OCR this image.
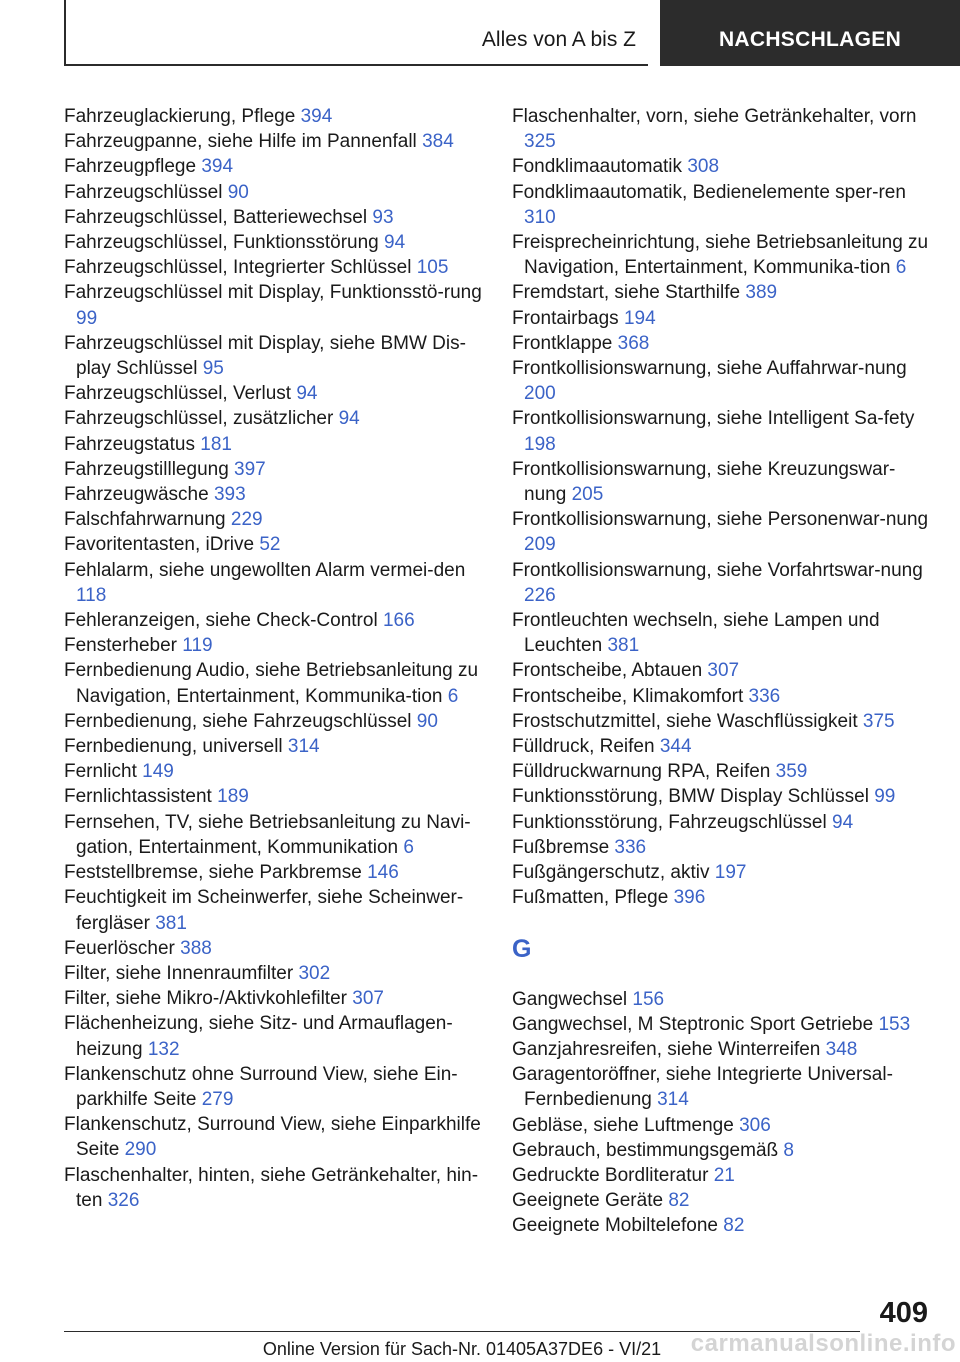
Alles von A bis Z	NACHSCHLAGEN

Fahrzeuglackierung, Pflege 394

Fahrzeugpanne, siehe Hilfe im Pannenfall 384

Fahrzeugpflege 394

Fahrzeugschlüssel 90

Fahrzeugschlüssel, Batteriewechsel 93

Fahrzeugschlüssel, Funktionsstörung 94

Fahrzeugschlüssel, Integrierter Schlüssel 105

Fahrzeugschlüssel mit Display, Funktionsstö-rung 99

Fahrzeugschlüssel mit Display, siehe BMW Dis-play Schlüssel 95

Fahrzeugschlüssel, Verlust 94

Fahrzeugschlüssel, zusätzlicher 94

Fahrzeugstatus 181

Fahrzeugstilllegung 397

Fahrzeugwäsche 393

Falschfahrwarnung 229

Favoritentasten, iDrive 52

Fehlalarm, siehe ungewollten Alarm vermei-den 118

Fehleranzeigen, siehe Check-Control 166

Fensterheber 119

Fernbedienung Audio, siehe Betriebsanleitung zu Navigation, Entertainment, Kommunika-tion 6

Fernbedienung, siehe Fahrzeugschlüssel 90

Fernbedienung, universell 314

Fernlicht 149

Fernlichtassistent 189

Fernsehen, TV, siehe Betriebsanleitung zu Navi-gation, Entertainment, Kommunikation 6

Feststellbremse, siehe Parkbremse 146

Feuchtigkeit im Scheinwerfer, siehe Scheinwer-ferglӓser 381

Feuerlöscher 388

Filter, siehe Innenraumfilter 302

Filter, siehe Mikro-/Aktivkohlefilter 307

Flächenheizung, siehe Sitz- und Armauflagen-heizung 132

Flankenschutz ohne Surround View, siehe Ein-parkhilfe Seite 279

Flankenschutz, Surround View, siehe Einparkhilfe Seite 290

Flaschenhalter, hinten, siehe Getränkehalter, hin-ten 326

Flaschenhalter, vorn, siehe Getränkehalter, vorn 325

Fondklimaautomatik 308

Fondklimaautomatik, Bedienelemente sper-ren 310

Freisprecheinrichtung, siehe Betriebsanleitung zu Navigation, Entertainment, Kommunika-tion 6

Fremdstart, siehe Starthilfe 389

Frontairbags 194

Frontklappe 368

Frontkollisionswarnung, siehe Auffahrwar-nung 200

Frontkollisionswarnung, siehe Intelligent Sa-fety 198

Frontkollisionswarnung, siehe Kreuzungswar-nung 205

Frontkollisionswarnung, siehe Personenwar-nung 209

Frontkollisionswarnung, siehe Vorfahrtswar-nung 226

Frontleuchten wechseln, siehe Lampen und Leuchten 381

Frontscheibe, Abtauen 307

Frontscheibe, Klimakomfort 336

Frostschutzmittel, siehe Waschflüssigkeit 375

Fülldruck, Reifen 344

Fülldruckwarnung RPA, Reifen 359

Funktionsstörung, BMW Display Schlüssel 99

Funktionsstörung, Fahrzeugschlüssel 94

Fußbremse 336

Fußgängerschutz, aktiv 197

Fußmatten, Pflege 396

G

Gangwechsel 156

Gangwechsel, M Steptronic Sport Getriebe 153

Ganzjahresreifen, siehe Winterreifen 348

Garagentoröffner, siehe Integrierte Universal-Fernbedienung 314

Gebläse, siehe Luftmenge 306

Gebrauch, bestimmungsgemäß 8

Gedruckte Bordliteratur 21

Geeignete Geräte 82

Geeignete Mobiltelefone 82

409
Online Version für Sach-Nr. 01405A37DE6 - VI/21	carmanualsonline.info
